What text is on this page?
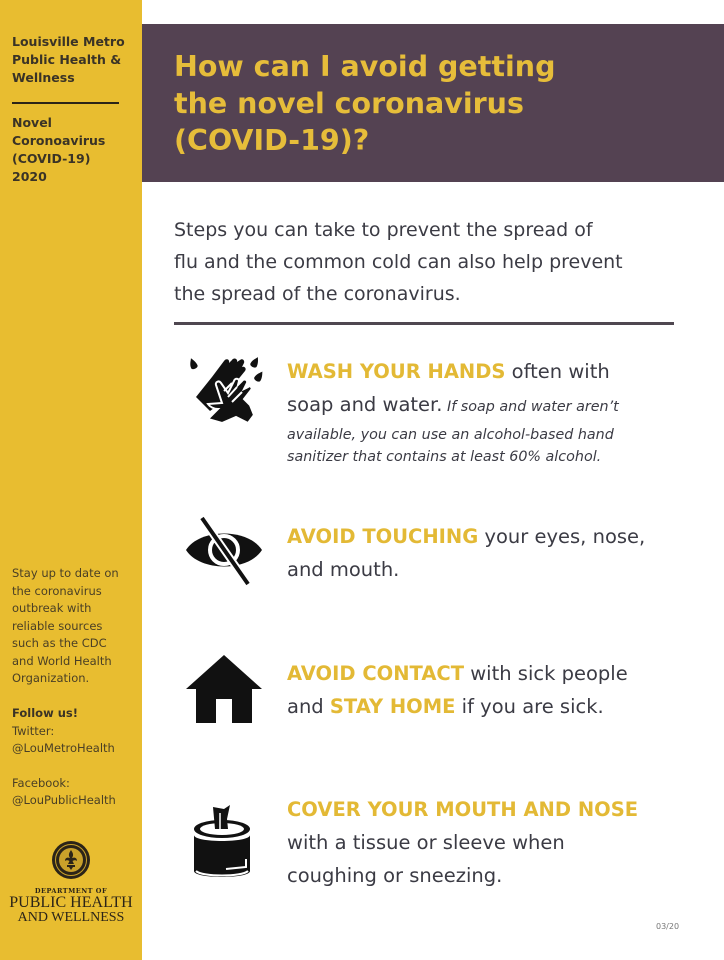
Louisville Metro
Public Health &
Wellness
Novel
Coronoavirus
(COVID-19)
2020
Stay up to date on
the coronavirus
outbreak with
reliable sources
such as the CDC
and World Health
Organization.
Follow us!
Twitter:
@LouMetroHealth
Facebook:
@LouPublicHealth
DEPARTMENT OF
PUBLIC HEALTH
AND WELLNESS
How can I avoid getting
the novel coronavirus
(COVID-19)?
Steps you can take to prevent the spread of
flu and the common cold can also help prevent
the spread of the coronavirus.
WASH YOUR HANDS often with
soap and water. If soap and water aren’t
available, you can use an alcohol-based hand
sanitizer that contains at least 60% alcohol.
AVOID TOUCHING your eyes, nose,
and mouth.
AVOID CONTACT with sick people
and STAY HOME if you are sick.
COVER YOUR MOUTH AND NOSE
with a tissue or sleeve when
coughing or sneezing.
03/20
